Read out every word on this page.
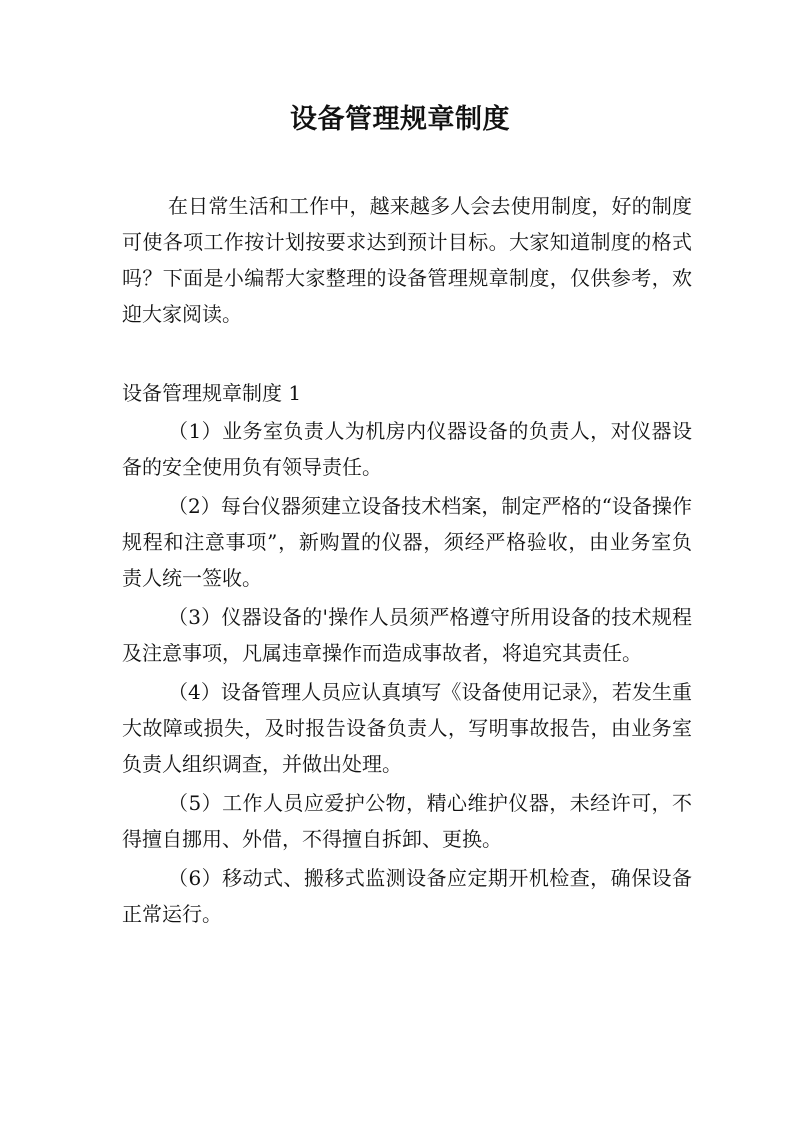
设备管理规章制度

在日常生活和工作中，越来越多人会去使用制度，好的制度可使各项工作按计划按要求达到预计目标。大家知道制度的格式吗？下面是小编帮大家整理的设备管理规章制度，仅供参考，欢迎大家阅读。

设备管理规章制度 1

（1）业务室负责人为机房内仪器设备的负责人，对仪器设备的安全使用负有领导责任。

（2）每台仪器须建立设备技术档案，制定严格的“设备操作规程和注意事项”，新购置的仪器，须经严格验收，由业务室负责人统一签收。

（3）仪器设备的'操作人员须严格遵守所用设备的技术规程及注意事项，凡属违章操作而造成事故者，将追究其责任。

（4）设备管理人员应认真填写《设备使用记录》，若发生重大故障或损失，及时报告设备负责人，写明事故报告，由业务室负责人组织调查，并做出处理。

（5）工作人员应爱护公物，精心维护仪器，未经许可，不得擅自挪用、外借，不得擅自拆卸、更换。

（6）移动式、搬移式监测设备应定期开机检查，确保设备正常运行。
